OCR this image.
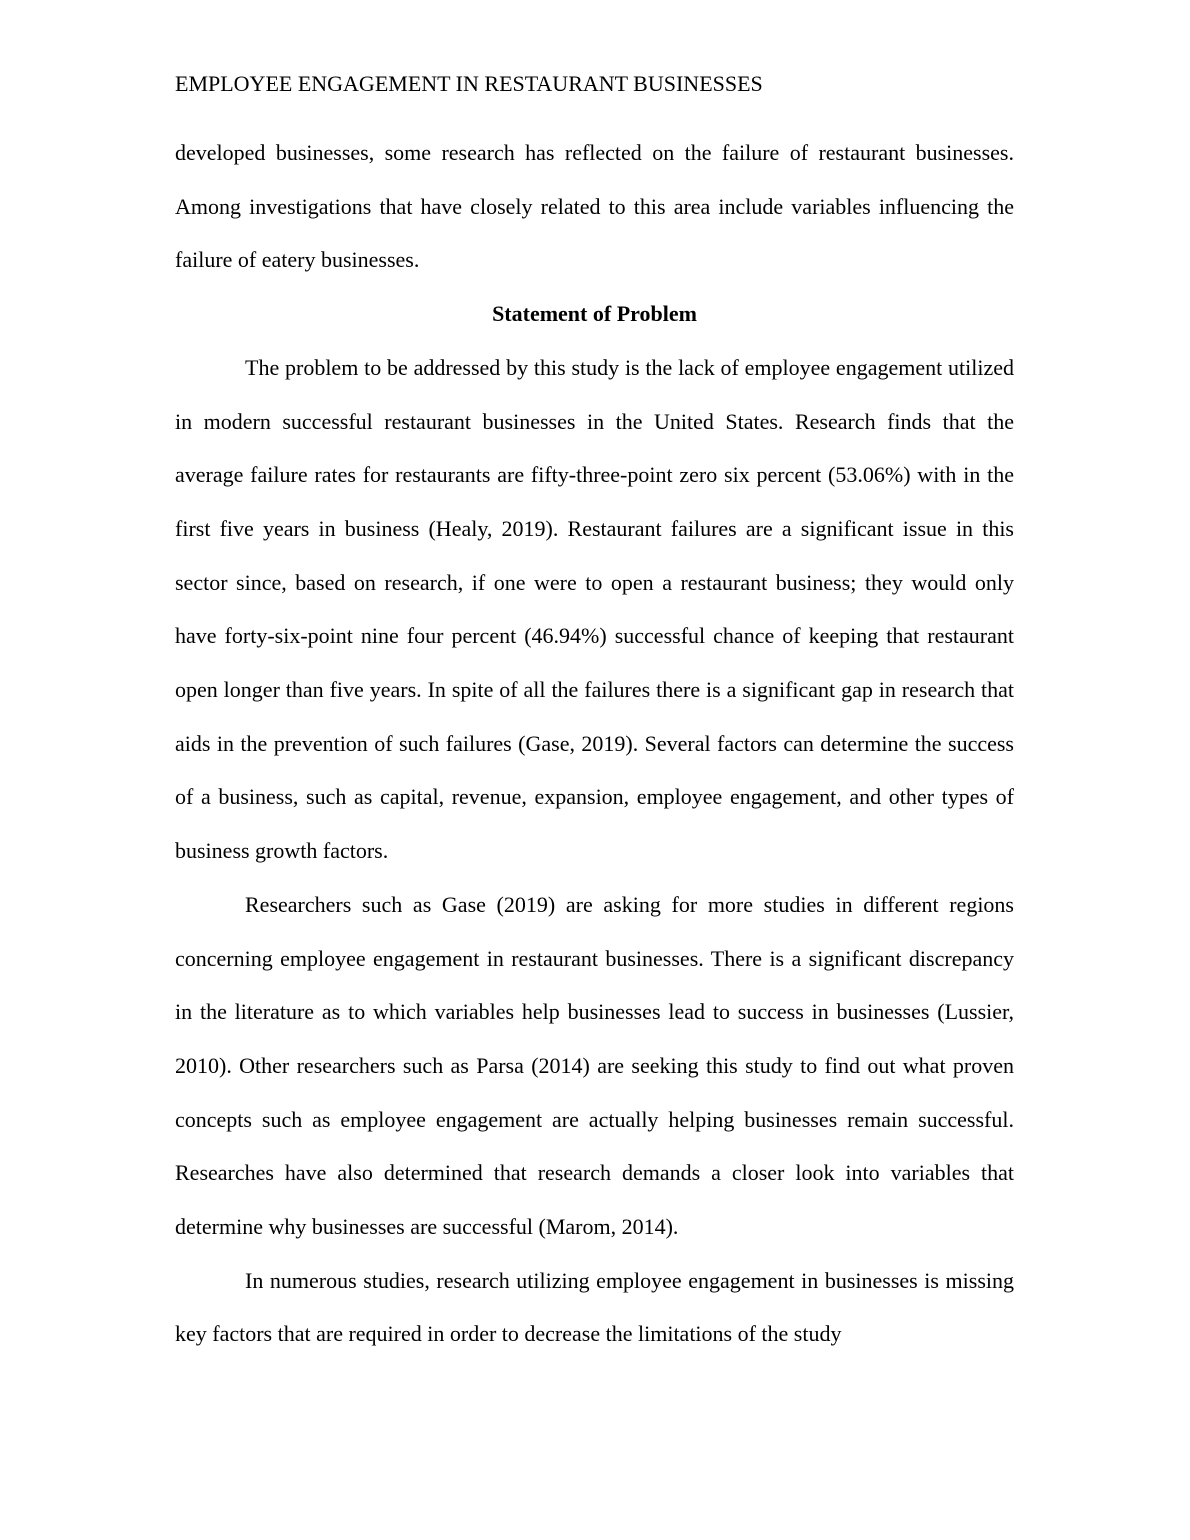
EMPLOYEE ENGAGEMENT IN RESTAURANT BUSINESSES

developed businesses, some research has reflected on the failure of restaurant businesses. Among investigations that have closely related to this area include variables influencing the failure of eatery businesses.

Statement of Problem

The problem to be addressed by this study is the lack of employee engagement utilized in modern successful restaurant businesses in the United States. Research finds that the average failure rates for restaurants are fifty-three-point zero six percent (53.06%) with in the first five years in business (Healy, 2019). Restaurant failures are a significant issue in this sector since, based on research, if one were to open a restaurant business; they would only have forty-six-point nine four percent (46.94%) successful chance of keeping that restaurant open longer than five years. In spite of all the failures there is a significant gap in research that aids in the prevention of such failures (Gase, 2019). Several factors can determine the success of a business, such as capital, revenue, expansion, employee engagement, and other types of business growth factors.

Researchers such as Gase (2019) are asking for more studies in different regions concerning employee engagement in restaurant businesses. There is a significant discrepancy in the literature as to which variables help businesses lead to success in businesses (Lussier, 2010). Other researchers such as Parsa (2014) are seeking this study to find out what proven concepts such as employee engagement are actually helping businesses remain successful. Researches have also determined that research demands a closer look into variables that determine why businesses are successful (Marom, 2014).

In numerous studies, research utilizing employee engagement in businesses is missing key factors that are required in order to decrease the limitations of the study
